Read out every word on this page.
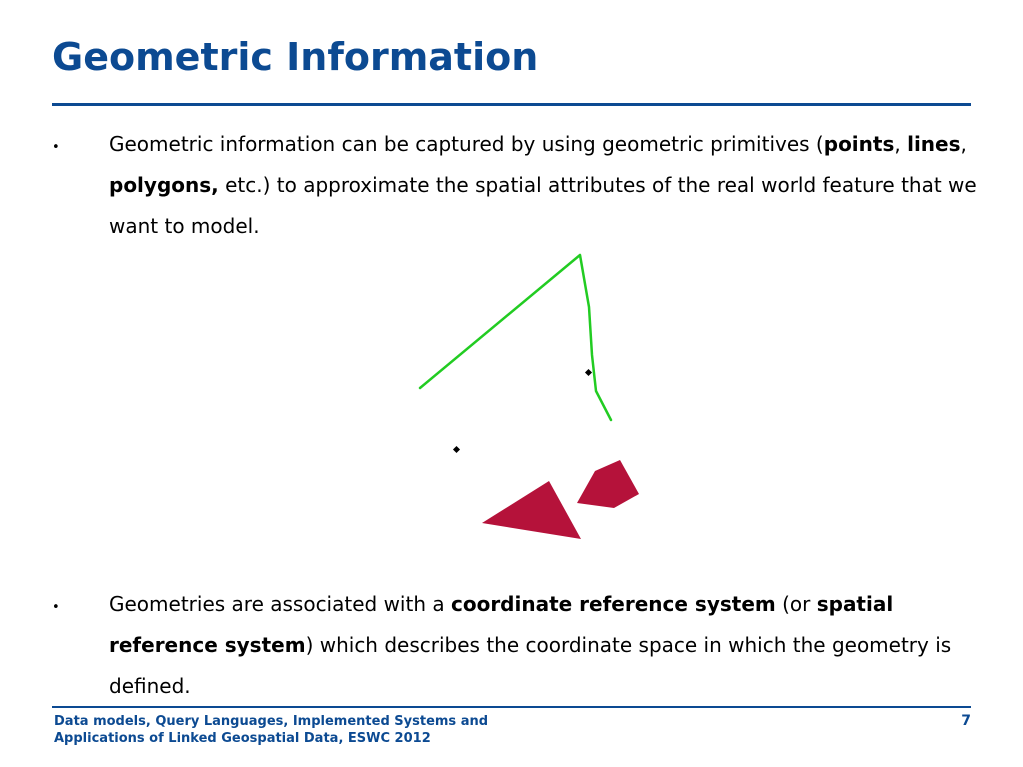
Geometric Information
• Geometric information can be captured by using geometric primitives (points, lines, polygons, etc.) to approximate the spatial attributes of the real world feature that we want to model.

• Geometries are associated with a coordinate reference system (or spatial reference system) which describes the coordinate space in which the geometry is defined.

Data models, Query Languages, Implemented Systems and
Applications of Linked Geospatial Data, ESWC 2012

7
